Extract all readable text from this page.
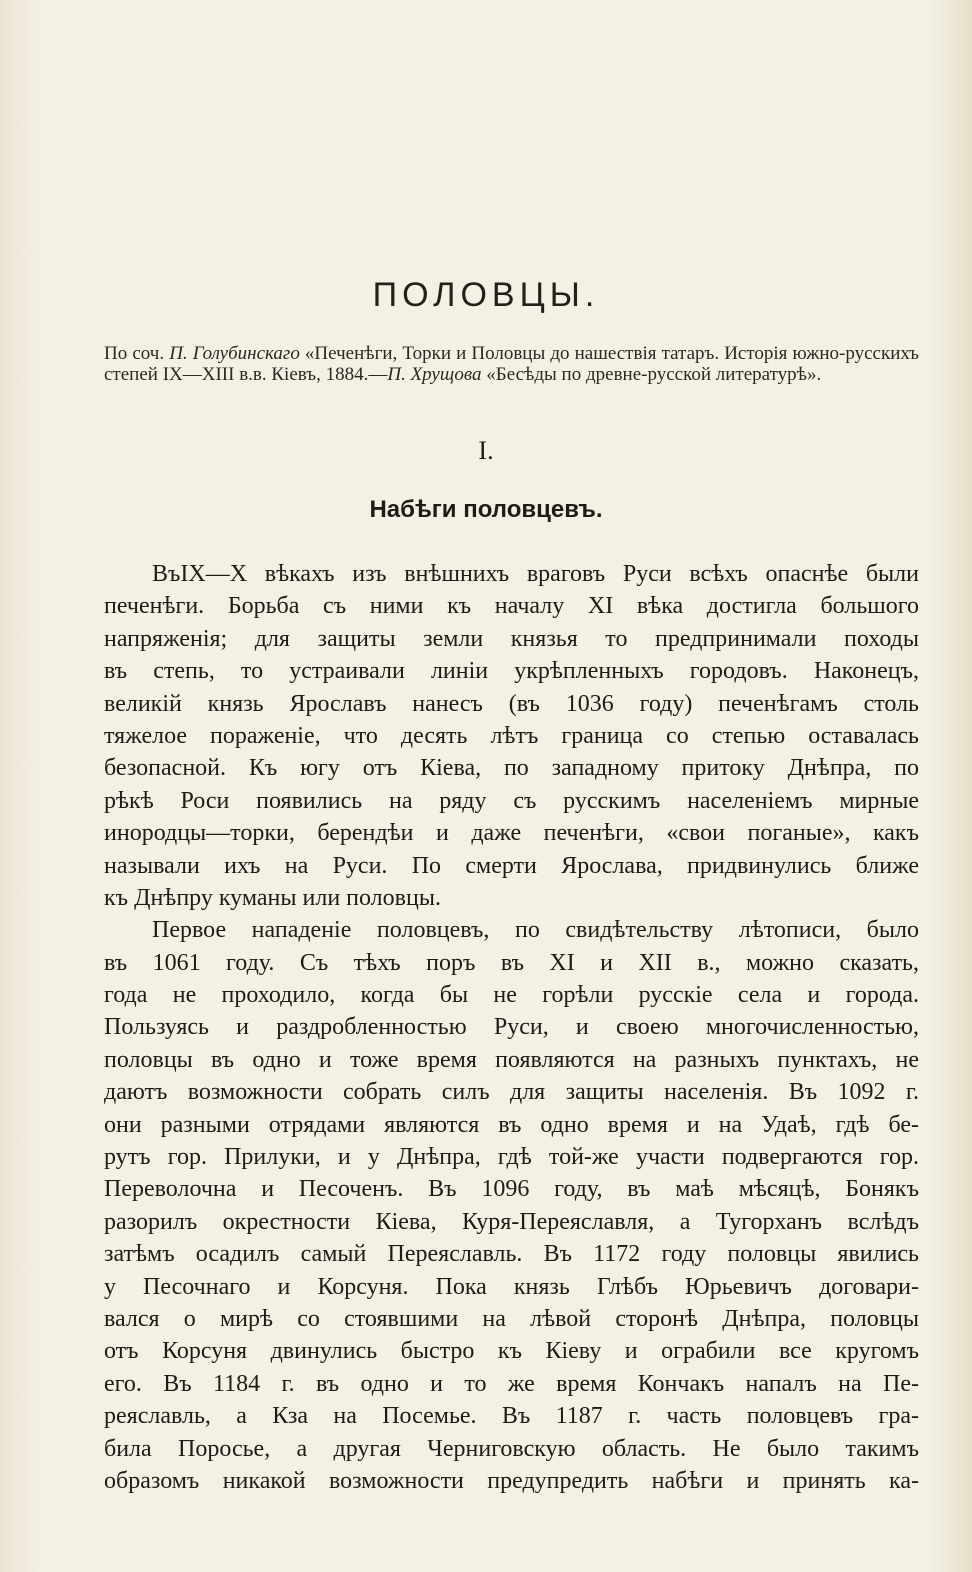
ПОЛОВЦЫ.
По соч. П. Голубинскаго «Печенѣги, Торки и Половцы до нашествія татаръ. Исторія южно-русскихъ степей IX—XIII в.в. Кіевъ, 1884.—П. Хрущова «Бесѣды по древне-русской литературѣ».
I.
Набѣги половцевъ.
ВъIX—X вѣкахъ изъ внѣшнихъ враговъ Руси всѣхъ опаснѣе были
печенѣги. Борьба съ ними къ началу XI вѣка достигла большого
напряженія; для защиты земли князья то предпринимали походы
въ степь, то устраивали линіи укрѣпленныхъ городовъ. Наконецъ,
великій князь Ярославъ нанесъ (въ 1036 году) печенѣгамъ столь
тяжелое пораженіе, что десять лѣтъ граница со степью оставалась
безопасной. Къ югу отъ Кіева, по западному притоку Днѣпра, по
рѣкѣ Роси появились на ряду съ русскимъ населеніемъ мирные
инородцы—торки, берендѣи и даже печенѣги, «свои поганые», какъ
называли ихъ на Руси. По смерти Ярослава, придвинулись ближе
къ Днѣпру куманы или половцы.
Первое нападеніе половцевъ, по свидѣтельству лѣтописи, было
въ 1061 году. Съ тѣхъ поръ въ XI и XII в., можно сказать,
года не проходило, когда бы не горѣли русскіе села и города.
Пользуясь и раздробленностью Руси, и своею многочисленностью,
половцы въ одно и тоже время появляются на разныхъ пунктахъ, не
даютъ возможности собрать силъ для защиты населенія. Въ 1092 г.
они разными отрядами являются въ одно время и на Удаѣ, гдѣ бе-
рутъ гор. Прилуки, и у Днѣпра, гдѣ той-же участи подвергаются гор.
Переволочна и Песоченъ. Въ 1096 году, въ маѣ мѣсяцѣ, Бонякъ
разорилъ окрестности Кіева, Куря-Переяславля, а Тугорханъ вслѣдъ
затѣмъ осадилъ самый Переяславль. Въ 1172 году половцы явились
у Песочнаго и Корсуня. Пока князь Глѣбъ Юрьевичъ договари-
вался о мирѣ со стоявшими на лѣвой сторонѣ Днѣпра, половцы
отъ Корсуня двинулись быстро къ Кіеву и ограбили все кругомъ
его. Въ 1184 г. въ одно и то же время Кончакъ напалъ на Пе-
реяславль, а Кза на Посемье. Въ 1187 г. часть половцевъ гра-
била Поросье, а другая Черниговскую область. Не было такимъ
образомъ никакой возможности предупредить набѣги и принять ка-
